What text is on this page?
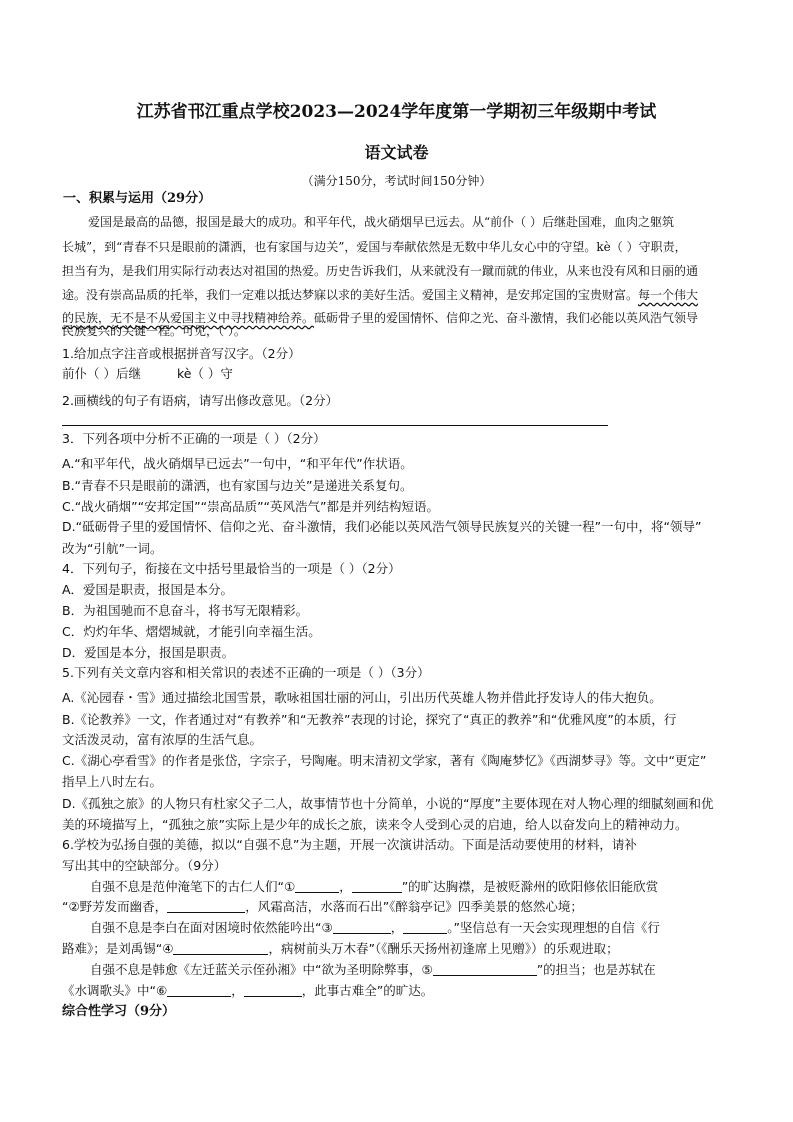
江苏省邗江重点学校2023—2024学年度第一学期初三年级期中考试
语文试卷
（满分150分，考试时间150分钟）
一、积累与运用（29分）
爱国是最高的品德，报国是最大的成功。和平年代，战火硝烟早已远去。从“前仆（ ）后继赴国难，血肉之躯筑
长城”，到“青春不只是眼前的潇洒，也有家国与边关”，爱国与奉献依然是无数中华儿女心中的守望。kè（ ）守职责，
担当有为，是我们用实际行动表达对祖国的热爱。历史告诉我们，从来就没有一蹴而就的伟业，从来也没有风和日丽的通
途。没有崇高品质的托举，我们一定难以抵达梦寐以求的美好生活。爱国主义精神，是安邦定国的宝贵财富。每一个伟大
的民族，无不是不从爱国主义中寻找精神给养。砥砺骨子里的爱国情怀、信仰之光、奋斗激情，我们必能以英风浩气领导
民族复兴的关键一程。可见，（ ）。
1.给加点字注音或根据拼音写汉字。（2分）
前仆（ ）后继	kè（ ）守
2.画横线的句子有语病，请写出修改意见。（2分）
3．下列各项中分析不正确的一项是（ ）（2分）
A.“和平年代，战火硝烟早已远去”一句中，“和平年代”作状语。
B.“青春不只是眼前的潇洒，也有家国与边关”是递进关系复句。
C.“战火硝烟”“安邦定国”“崇高品质”“英风浩气”都是并列结构短语。
D.“砥砺骨子里的爱国情怀、信仰之光、奋斗激情，我们必能以英风浩气领导民族复兴的关键一程”一句中，将“领导”
改为“引航”一词。
4．下列句子，衔接在文中括号里最恰当的一项是（ ）（2分）
A．爱国是职责，报国是本分。
B．为祖国驰而不息奋斗，将书写无限精彩。
C．灼灼年华、熠熠城就，才能引向幸福生活。
D．爱国是本分，报国是职责。
5.下列有关文章内容和相关常识的表述不正确的一项是（ ）（3分）
A.《沁园春・雪》通过描绘北国雪景，歌咏祖国壮丽的河山，引出历代英雄人物并借此抒发诗人的伟大抱负。
B.《论教养》一文，作者通过对“有教养”和“无教养”表现的讨论，探究了“真正的教养”和“优雅风度”的本质，行
文活泼灵动，富有浓厚的生活气息。
C.《湖心亭看雪》的作者是张岱，字宗子，号陶庵。明末清初文学家，著有《陶庵梦忆》《西湖梦寻》等。文中“更定”
指早上八时左右。
D.《孤独之旅》的人物只有杜家父子二人，故事情节也十分简单，小说的“厚度”主要体现在对人物心理的细腻刻画和优
美的环境描写上，“孤独之旅”实际上是少年的成长之旅，读来令人受到心灵的启迪，给人以奋发向上的精神动力。
6.学校为弘扬自强的美德，拟以“自强不息”为主题，开展一次演讲活动。下面是活动要使用的材料，请补
写出其中的空缺部分。（9分）
自强不息是范仲淹笔下的古仁人们“①	，	”的旷达胸襟，是被贬滁州的欧阳修依旧能欣赏
“②野芳发而幽香，	，风霜高洁，水落而石出”《醉翁亭记》四季美景的悠然心境；
自强不息是李白在面对困境时依然能吟出“③	，	。”坚信总有一天会实现理想的自信《行
路难》；是刘禹锡“④	，病树前头万木春”（《酬乐天扬州初逢席上见赠》）的乐观进取；
自强不息是韩愈《左迁蓝关示侄孙湘》中“欲为圣明除弊事，⑤	”的担当；也是苏轼在
《水调歌头》中“⑥	，	，此事古难全”的旷达。
综合性学习（9分）
